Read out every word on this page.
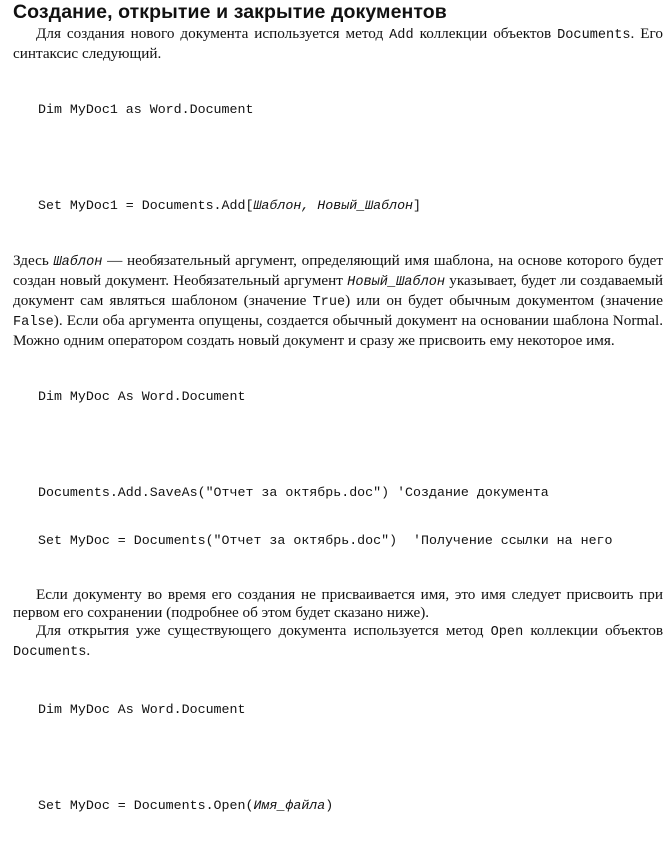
Создание, открытие и закрытие документов

Для создания нового документа используется метод Add коллекции объектов Documents. Его синтаксис следующий.

Dim MyDoc1 as Word.Document

Set MyDoc1 = Documents.Add[Шаблон, Новый_Шаблон]

Здесь Шаблон — необязательный аргумент, определяющий имя шаблона, на основе которого будет создан новый документ. Необязательный аргумент Новый_Шаблон указывает, будет ли создаваемый документ сам являться шаблоном (значение True) или он будет обычным документом (значение False). Если оба аргумента опущены, создается обычный документ на основании шаблона Normal. Можно одним оператором создать новый документ и сразу же присвоить ему некоторое имя.

Dim MyDoc As Word.Document

Documents.Add.SaveAs("Отчет за октябрь.doc") 'Создание документа

Set MyDoc = Documents("Отчет за октябрь.doc")  'Получение ссылки на него

Если документу во время его создания не присваивается имя, это имя следует присвоить при первом его сохранении (подробнее об этом будет сказано ниже).

Для открытия уже существующего документа используется метод Open коллекции объектов Documents.

Dim MyDoc As Word.Document

Set MyDoc = Documents.Open(Имя_файла)
